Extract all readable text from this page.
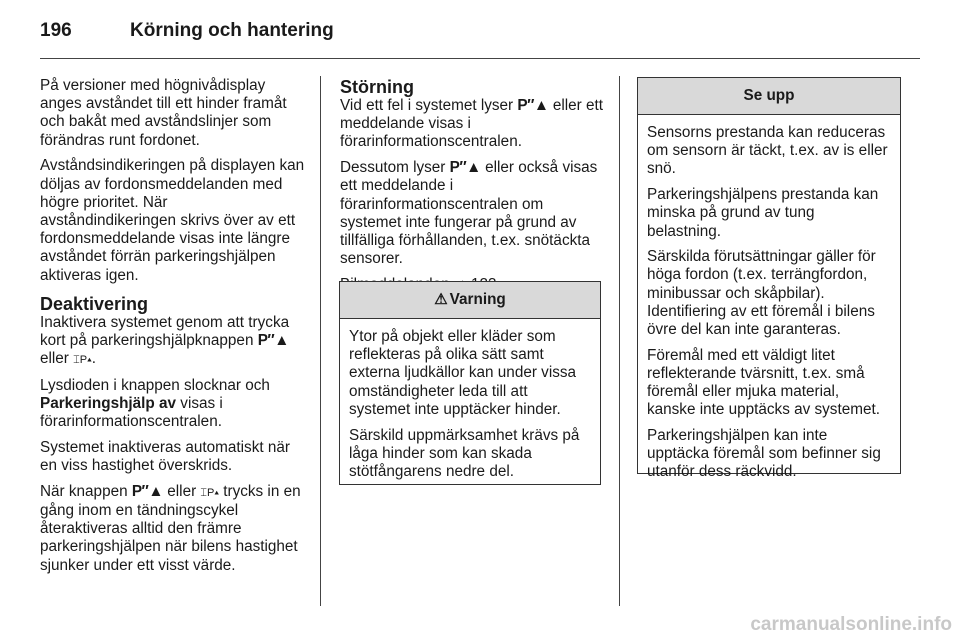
196	Körning och hantering

På versioner med högnivådisplay anges avståndet till ett hinder framåt och bakåt med avståndslinjer som förändras runt fordonet.

Avståndsindikeringen på displayen kan döljas av fordonsmeddelanden med högre prioritet. När avståndindikeringen skrivs över av ett fordonsmeddelande visas inte längre avståndet förrän parkeringshjälpen aktiveras igen.

Deaktivering

Inaktivera systemet genom att trycka kort på parkeringshjälpknappen P″▲ eller ⌶P▴.

Lysdioden i knappen slocknar och Parkeringshjälp av visas i förarinformationscentralen.

Systemet inaktiveras automatiskt när en viss hastighet överskrids.

När knappen P″▲ eller ⌶P▴ trycks in en gång inom en tändningscykel återaktiveras alltid den främre parkeringshjälpen när bilens hastighet sjunker under ett visst värde.

Störning

Vid ett fel i systemet lyser P″▲ eller ett meddelande visas i förarinformationscentralen.

Dessutom lyser P″▲ eller också visas ett meddelande i förarinformationscentralen om systemet inte fungerar på grund av tillfälliga förhållanden, t.ex. snötäckta sensorer.

⚠ Varning

Ytor på objekt eller kläder som reflekteras på olika sätt samt externa ljudkällor kan under vissa omständigheter leda till att systemet inte upptäcker hinder.

Särskild uppmärksamhet krävs på låga hinder som kan skada stötfångarens nedre del.

Se upp

Sensorns prestanda kan reduceras om sensorn är täckt, t.ex. av is eller snö.

Parkeringshjälpens prestanda kan minska på grund av tung belastning.

Särskilda förutsättningar gäller för höga fordon (t.ex. terrängfordon, minibussar och skåpbilar). Identifiering av ett föremål i bilens övre del kan inte garanteras.

Föremål med ett väldigt litet reflekterande tvärsnitt, t.ex. små föremål eller mjuka material, kanske inte upptäcks av systemet.

Parkeringshjälpen kan inte upptäcka föremål som befinner sig utanför dess räckvidd.

carmanualsonline.info
